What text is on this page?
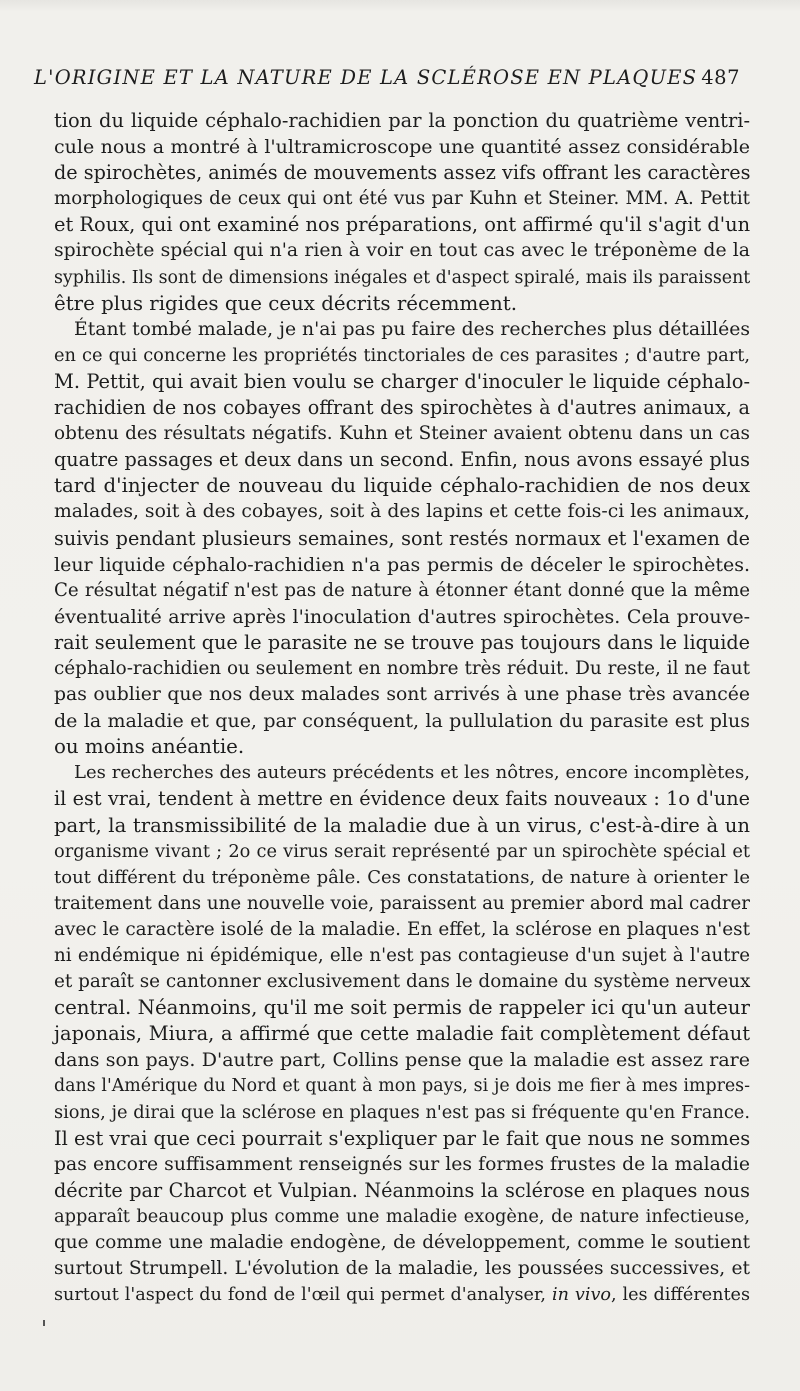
L'ORIGINE ET LA NATURE DE LA SCLÉROSE EN PLAQUES 487
tion du liquide céphalo-rachidien par la ponction du quatrième ventri-
cule nous a montré à l'ultramicroscope une quantité assez considérable
de spirochètes, animés de mouvements assez vifs offrant les caractères
morphologiques de ceux qui ont été vus par Kuhn et Steiner. MM. A. Pettit
et Roux, qui ont examiné nos préparations, ont affirmé qu'il s'agit d'un
spirochète spécial qui n'a rien à voir en tout cas avec le tréponème de la
syphilis. Ils sont de dimensions inégales et d'aspect spiralé, mais ils paraissent
être plus rigides que ceux décrits récemment.
Étant tombé malade, je n'ai pas pu faire des recherches plus détaillées
en ce qui concerne les propriétés tinctoriales de ces parasites ; d'autre part,
M. Pettit, qui avait bien voulu se charger d'inoculer le liquide céphalo-
rachidien de nos cobayes offrant des spirochètes à d'autres animaux, a
obtenu des résultats négatifs. Kuhn et Steiner avaient obtenu dans un cas
quatre passages et deux dans un second. Enfin, nous avons essayé plus
tard d'injecter de nouveau du liquide céphalo-rachidien de nos deux
malades, soit à des cobayes, soit à des lapins et cette fois-ci les animaux,
suivis pendant plusieurs semaines, sont restés normaux et l'examen de
leur liquide céphalo-rachidien n'a pas permis de déceler le spirochètes.
Ce résultat négatif n'est pas de nature à étonner étant donné que la même
éventualité arrive après l'inoculation d'autres spirochètes. Cela prouve-
rait seulement que le parasite ne se trouve pas toujours dans le liquide
céphalo-rachidien ou seulement en nombre très réduit. Du reste, il ne faut
pas oublier que nos deux malades sont arrivés à une phase très avancée
de la maladie et que, par conséquent, la pullulation du parasite est plus
ou moins anéantie.
Les recherches des auteurs précédents et les nôtres, encore incomplètes,
il est vrai, tendent à mettre en évidence deux faits nouveaux : 1o d'une
part, la transmissibilité de la maladie due à un virus, c'est-à-dire à un
organisme vivant ; 2o ce virus serait représenté par un spirochète spécial et
tout différent du tréponème pâle. Ces constatations, de nature à orienter le
traitement dans une nouvelle voie, paraissent au premier abord mal cadrer
avec le caractère isolé de la maladie. En effet, la sclérose en plaques n'est
ni endémique ni épidémique, elle n'est pas contagieuse d'un sujet à l'autre
et paraît se cantonner exclusivement dans le domaine du système nerveux
central. Néanmoins, qu'il me soit permis de rappeler ici qu'un auteur
japonais, Miura, a affirmé que cette maladie fait complètement défaut
dans son pays. D'autre part, Collins pense que la maladie est assez rare
dans l'Amérique du Nord et quant à mon pays, si je dois me fier à mes impres-
sions, je dirai que la sclérose en plaques n'est pas si fréquente qu'en France.
Il est vrai que ceci pourrait s'expliquer par le fait que nous ne sommes
pas encore suffisamment renseignés sur les formes frustes de la maladie
décrite par Charcot et Vulpian. Néanmoins la sclérose en plaques nous
apparaît beaucoup plus comme une maladie exogène, de nature infectieuse,
que comme une maladie endogène, de développement, comme le soutient
surtout Strumpell. L'évolution de la maladie, les poussées successives, et
surtout l'aspect du fond de l'œil qui permet d'analyser, in vivo, les différentes
